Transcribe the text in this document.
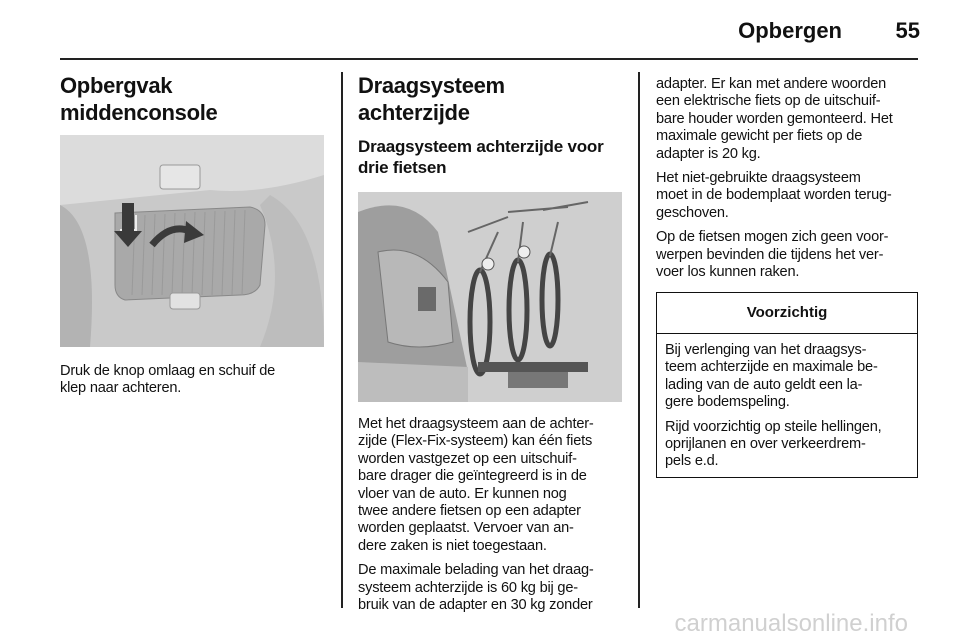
Opbergen 55
Opbergvak
middenconsole

Druk de knop omlaag en schuif de
klep naar achteren.

Draagsysteem achterzijde
Draagsysteem achterzijde voor
drie fietsen

Met het draagsysteem aan de achter-
zijde (Flex-Fix-systeem) kan één fiets
worden vastgezet op een uitschuif-
bare drager die geïntegreerd is in de
vloer van de auto. Er kunnen nog
twee andere fietsen op een adapter
worden geplaatst. Vervoer van an-
dere zaken is niet toegestaan.

De maximale belading van het draag-
systeem achterzijde is 60 kg bij ge-
bruik van de adapter en 30 kg zonder

adapter. Er kan met andere woorden
een elektrische fiets op de uitschuif-
bare houder worden gemonteerd. Het
maximale gewicht per fiets op de
adapter is 20 kg.

Het niet-gebruikte draagsysteem
moet in de bodemplaat worden terug-
geschoven.

Op de fietsen mogen zich geen voor-
werpen bevinden die tijdens het ver-
voer los kunnen raken.

Voorzichtig

Bij verlenging van het draagsys-
teem achterzijde en maximale be-
lading van de auto geldt een la-
gere bodemspeling.

Rijd voorzichtig op steile hellingen,
oprijlanen en over verkeerdrem-
pels e.d.

carmanualsonline.info
